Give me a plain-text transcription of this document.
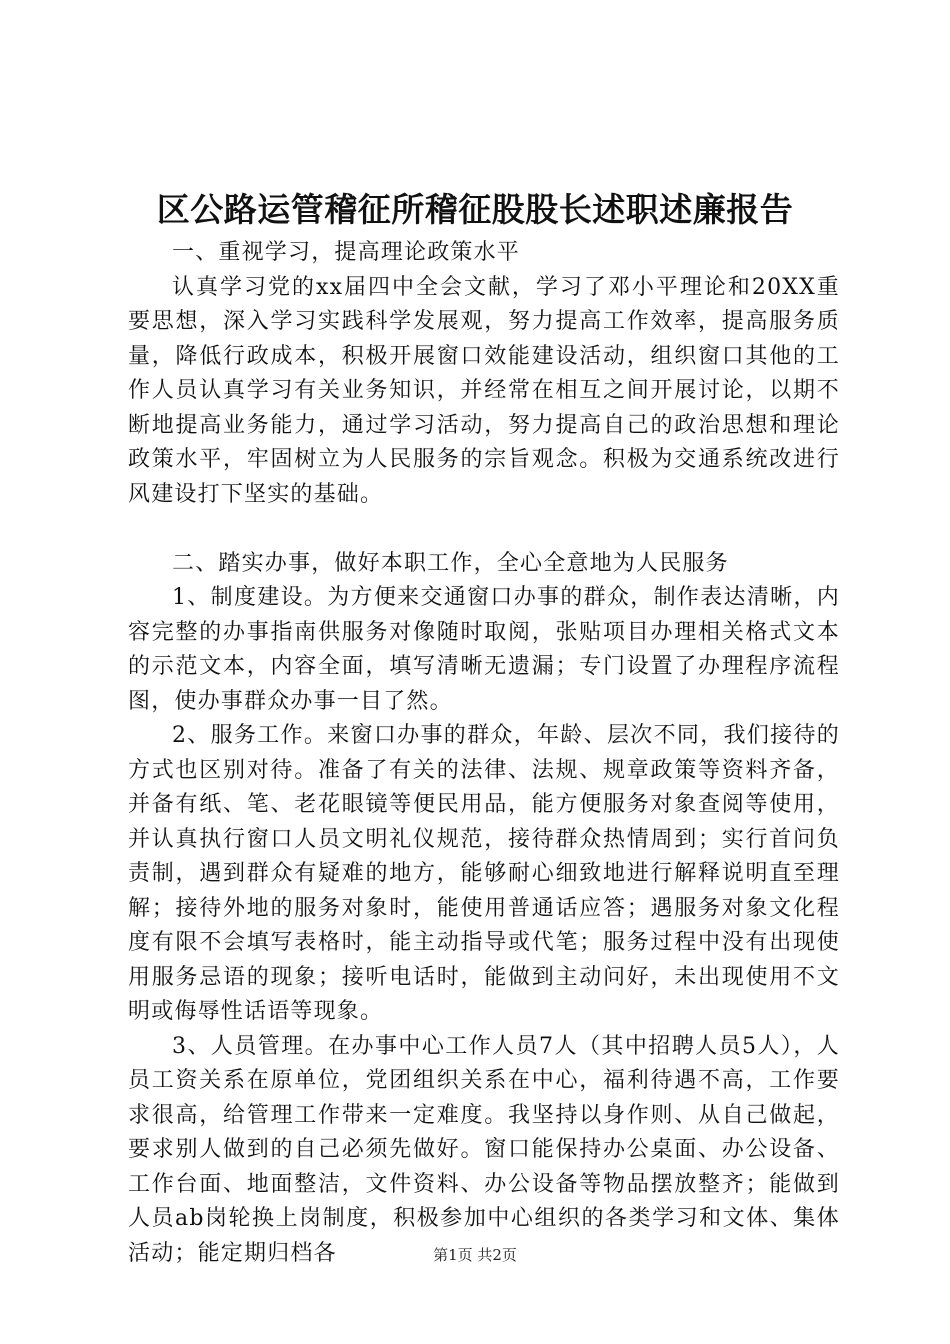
区公路运管稽征所稽征股股长述职述廉报告

一、重视学习，提高理论政策水平

认真学习党的xx届四中全会文献，学习了邓小平理论和20XX重要思想，深入学习实践科学发展观，努力提高工作效率，提高服务质量，降低行政成本，积极开展窗口效能建设活动，组织窗口其他的工作人员认真学习有关业务知识，并经常在相互之间开展讨论，以期不断地提高业务能力，通过学习活动，努力提高自己的政治思想和理论政策水平，牢固树立为人民服务的宗旨观念。积极为交通系统改进行风建设打下坚实的基础。

二、踏实办事，做好本职工作，全心全意地为人民服务

1、制度建设。为方便来交通窗口办事的群众，制作表达清晰，内容完整的办事指南供服务对像随时取阅，张贴项目办理相关格式文本的示范文本，内容全面，填写清晰无遗漏；专门设置了办理程序流程图，使办事群众办事一目了然。

2、服务工作。来窗口办事的群众，年龄、层次不同，我们接待的方式也区别对待。准备了有关的法律、法规、规章政策等资料齐备，并备有纸、笔、老花眼镜等便民用品，能方便服务对象查阅等使用，并认真执行窗口人员文明礼仪规范，接待群众热情周到；实行首问负责制，遇到群众有疑难的地方，能够耐心细致地进行解释说明直至理解；接待外地的服务对象时，能使用普通话应答；遇服务对象文化程度有限不会填写表格时，能主动指导或代笔；服务过程中没有出现使用服务忌语的现象；接听电话时，能做到主动问好，未出现使用不文明或侮辱性话语等现象。

3、人员管理。在办事中心工作人员7人（其中招聘人员5人），人员工资关系在原单位，党团组织关系在中心，福利待遇不高，工作要求很高，给管理工作带来一定难度。我坚持以身作则、从自己做起，要求别人做到的自己必须先做好。窗口能保持办公桌面、办公设备、工作台面、地面整洁，文件资料、办公设备等物品摆放整齐；能做到人员ab岗轮换上岗制度，积极参加中心组织的各类学习和文体、集体活动；能定期归档各	第1页 共2页
